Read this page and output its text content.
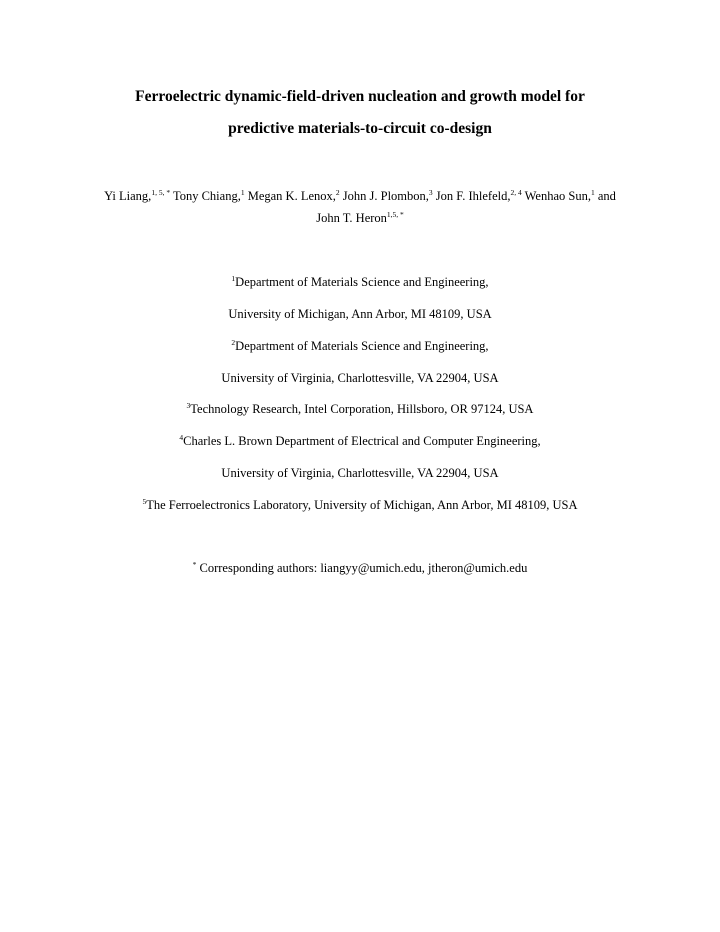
Ferroelectric dynamic-field-driven nucleation and growth model for
predictive materials-to-circuit co-design
Yi Liang,$^{1, 5, *}$ Tony Chiang,$^1$ Megan K. Lenox,$^2$ John J. Plombon,$^3$ Jon F. Ihlefeld,$^{2, 4}$ Wenhao Sun,$^1$ and
John T. Heron$^{1,5, *}$
$^1$Department of Materials Science and Engineering,
University of Michigan, Ann Arbor, MI 48109, USA
$^2$Department of Materials Science and Engineering,
University of Virginia, Charlottesville, VA 22904, USA
$^3$Technology Research, Intel Corporation, Hillsboro, OR 97124, USA
$^4$Charles L. Brown Department of Electrical and Computer Engineering,
University of Virginia, Charlottesville, VA 22904, USA
$^5$The Ferroelectronics Laboratory, University of Michigan, Ann Arbor, MI 48109, USA
* Corresponding authors: liangyy@umich.edu, jtheron@umich.edu
